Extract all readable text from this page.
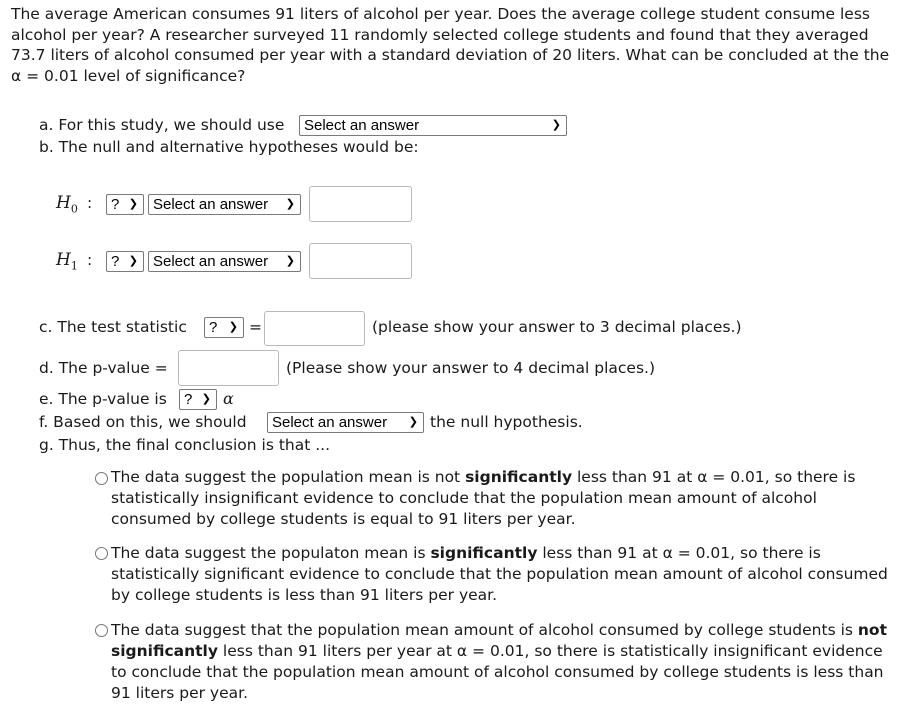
The average American consumes 91 liters of alcohol per year. Does the average college student consume less alcohol per year? A researcher surveyed 11 randomly selected college students and found that they averaged 73.7 liters of alcohol consumed per year with a standard deviation of 20 liters. What can be concluded at the the α = 0.01 level of significance?
a. For this study, we should use	Select an answer	❯
b. The null and alternative hypotheses would be:
$H_0$ :	? ❯	Select an answer ❯
$H_1$ :	? ❯	Select an answer ❯
c. The test statistic	? ❯ =	(please show your answer to 3 decimal places.)
d. The p-value =	(Please show your answer to 4 decimal places.)
e. The p-value is	? ❯ α
f. Based on this, we should	Select an answer ❯ the null hypothesis.
g. Thus, the final conclusion is that ...
The data suggest the population mean is not significantly less than 91 at α = 0.01, so there is statistically insignificant evidence to conclude that the population mean amount of alcohol consumed by college students is equal to 91 liters per year.
The data suggest the populaton mean is significantly less than 91 at α = 0.01, so there is statistically significant evidence to conclude that the population mean amount of alcohol consumed by college students is less than 91 liters per year.
The data suggest that the population mean amount of alcohol consumed by college students is not significantly less than 91 liters per year at α = 0.01, so there is statistically insignificant evidence to conclude that the population mean amount of alcohol consumed by college students is less than 91 liters per year.
